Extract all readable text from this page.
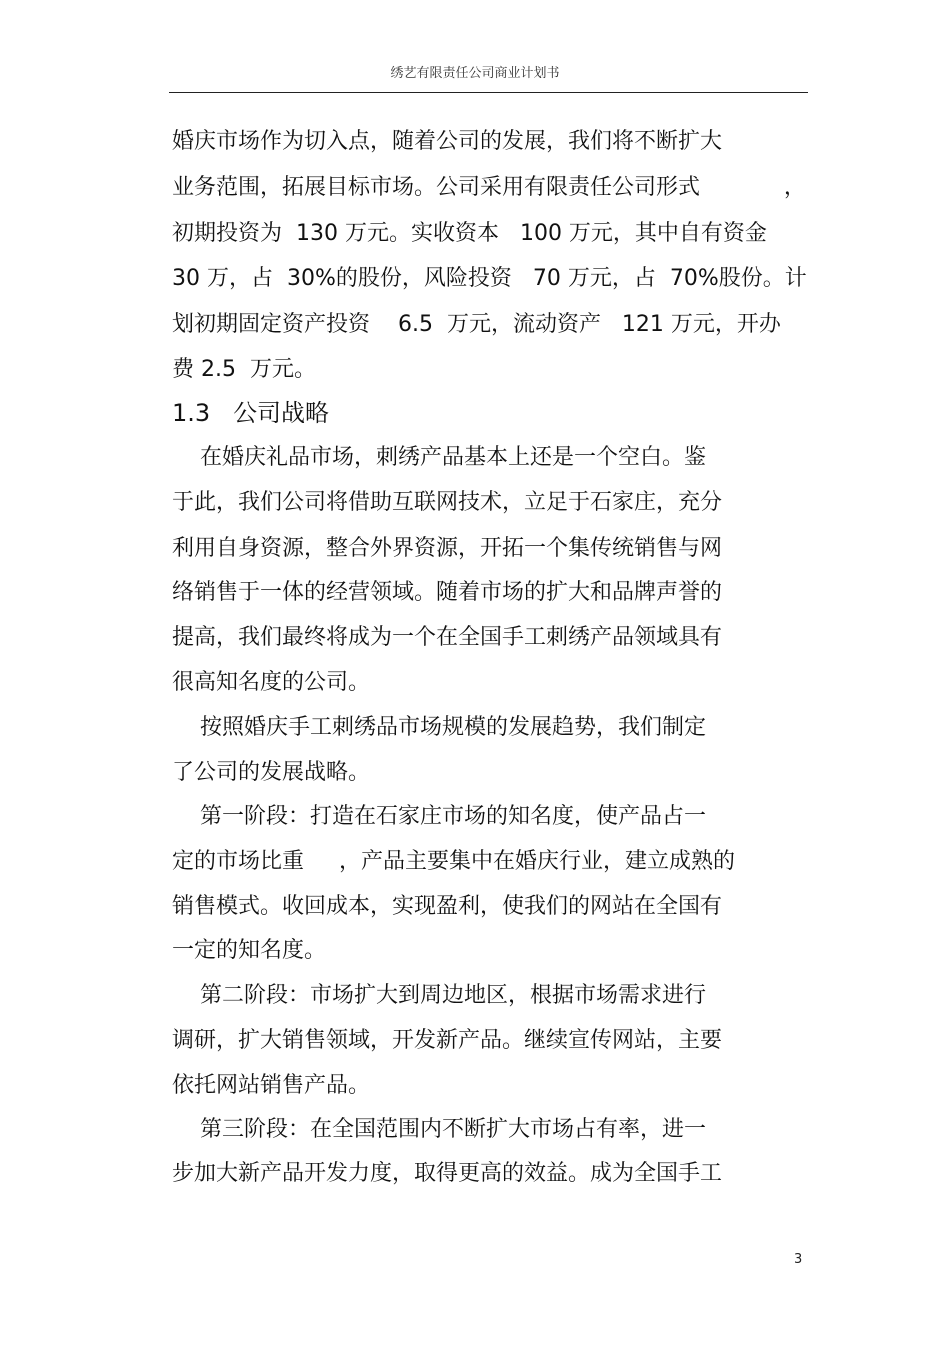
绣艺有限责任公司商业计划书
婚庆市场作为切入点，随着公司的发展，我们将不断扩大
业务范围，拓展目标市场。公司采用有限责任公司形式            ，
初期投资为  130 万元。实收资本   100 万元，其中自有资金
30 万，占  30%的股份，风险投资   70 万元，占  70%股份。计
划初期固定资产投资    6.5  万元，流动资产   121 万元，开办
费 2.5  万元。
1.3 公司战略
在婚庆礼品市场，刺绣产品基本上还是一个空白。鉴
于此，我们公司将借助互联网技术，立足于石家庄，充分
利用自身资源，整合外界资源，开拓一个集传统销售与网
络销售于一体的经营领域。随着市场的扩大和品牌声誉的
提高，我们最终将成为一个在全国手工刺绣产品领域具有
很高知名度的公司。
按照婚庆手工刺绣品市场规模的发展趋势，我们制定
了公司的发展战略。
第一阶段：打造在石家庄市场的知名度，使产品占一
定的市场比重     ，产品主要集中在婚庆行业，建立成熟的
销售模式。收回成本，实现盈利，使我们的网站在全国有
一定的知名度。
第二阶段：市场扩大到周边地区，根据市场需求进行
调研，扩大销售领域，开发新产品。继续宣传网站，主要
依托网站销售产品。
第三阶段：在全国范围内不断扩大市场占有率，进一
步加大新产品开发力度，取得更高的效益。成为全国手工
3
